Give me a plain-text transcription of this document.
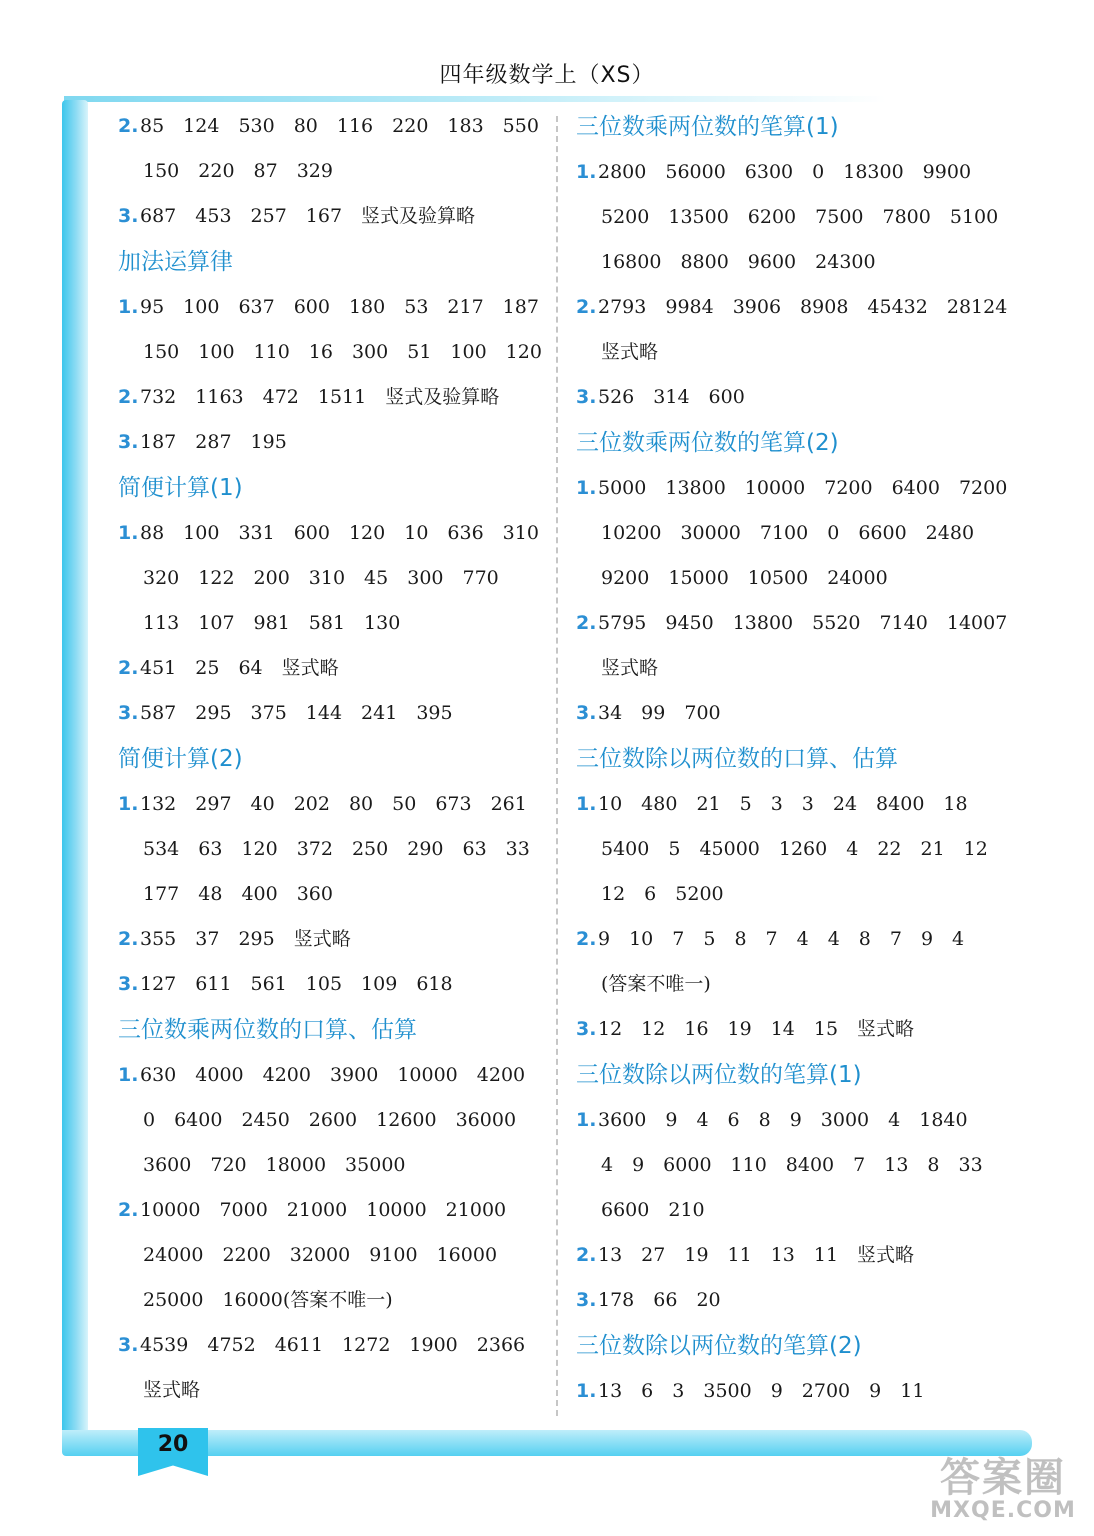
四年级数学上（XS）
20
2. 85　124　530　80　116　220　183　550
150　220　87　329
3. 687　453　257　167　竖式及验算略
加法运算律
1. 95　100　637　600　180　53　217　187
150　100　110　16　300　51　100　120
2. 732　1163　472　1511　竖式及验算略
3. 187　287　195
简便计算(1)
1. 88　100　331　600　120　10　636　310
320　122　200　310　45　300　770
113　107　981　581　130
2. 451　25　64　竖式略
3. 587　295　375　144　241　395
简便计算(2)
1. 132　297　40　202　80　50　673　261
534　63　120　372　250　290　63　33
177　48　400　360
2. 355　37　295　竖式略
3. 127　611　561　105　109　618
三位数乘两位数的口算、估算
1. 630　4000　4200　3900　10000　4200
0　6400　2450　2600　12600　36000
3600　720　18000　35000
2. 10000　7000　21000　10000　21000
24000　2200　32000　9100　16000
25000　16000(答案不唯一)
3. 4539　4752　4611　1272　1900　2366
竖式略
三位数乘两位数的笔算(1)
1. 2800　56000　6300　0　18300　9900
5200　13500　6200　7500　7800　5100
16800　8800　9600　24300
2. 2793　9984　3906　8908　45432　28124
竖式略
3. 526　314　600
三位数乘两位数的笔算(2)
1. 5000　13800　10000　7200　6400　7200
10200　30000　7100　0　6600　2480
9200　15000　10500　24000
2. 5795　9450　13800　5520　7140　14007
竖式略
3. 34　99　700
三位数除以两位数的口算、估算
1. 10　480　21　5　3　3　24　8400　18
5400　5　45000　1260　4　22　21　12
12　6　5200
2. 9　10　7　5　8　7　4　4　8　7　9　4
(答案不唯一)
3. 12　12　16　19　14　15　竖式略
三位数除以两位数的笔算(1)
1. 3600　9　4　6　8　9　3000　4　1840
4　9　6000　110　8400　7　13　8　33
6600　210
2. 13　27　19　11　13　11　竖式略
3. 178　66　20
三位数除以两位数的笔算(2)
1. 13　6　3　3500　9　2700　9　11
答案圈
MXQE.COM
